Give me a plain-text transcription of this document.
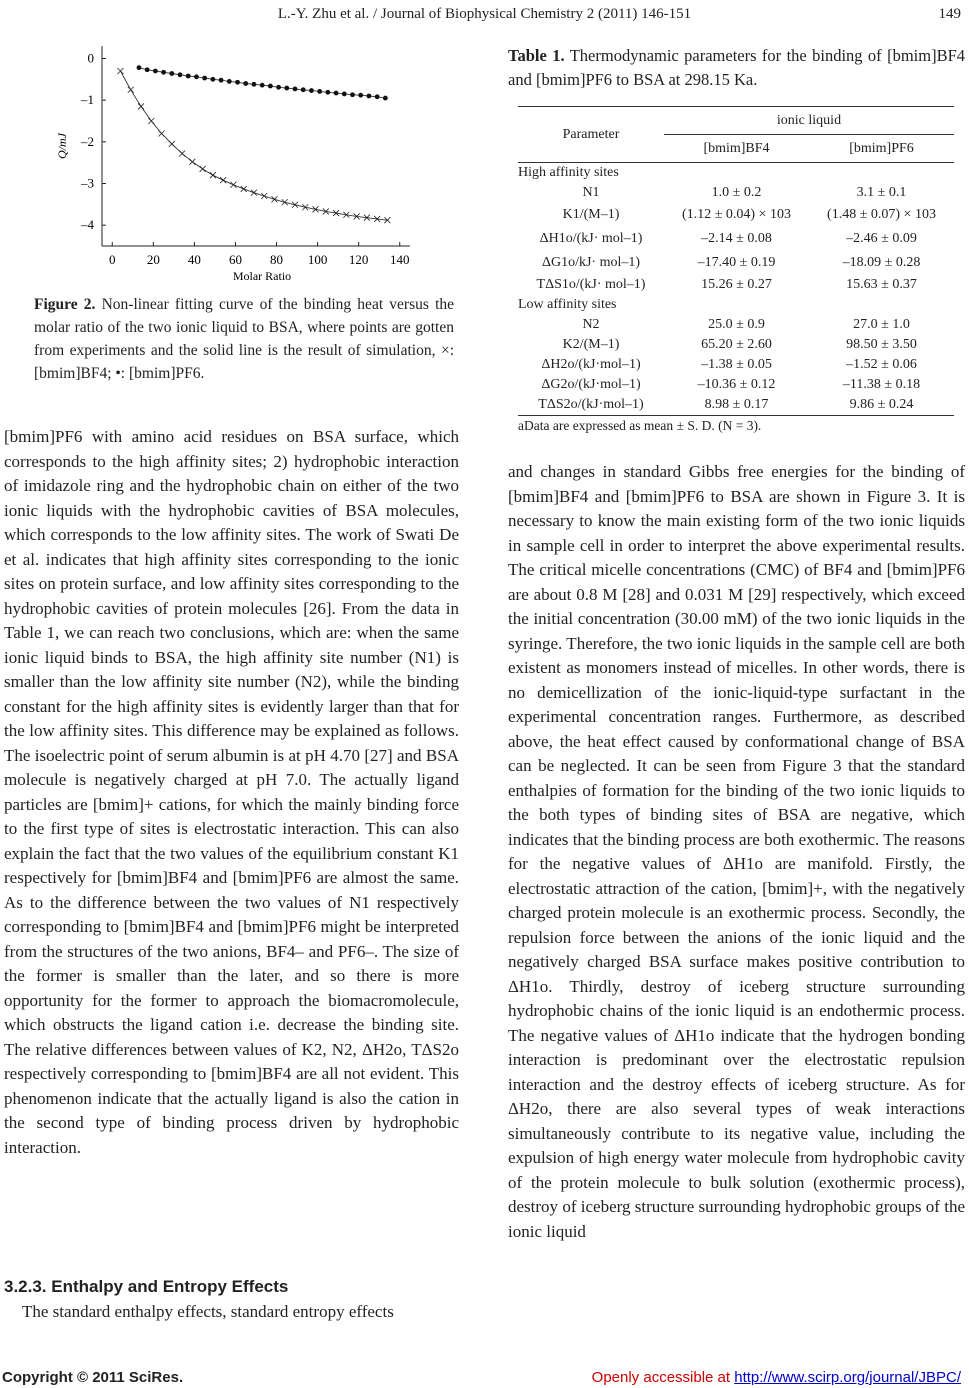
L.-Y. Zhu et al. / Journal of Biophysical Chemistry 2 (2011) 146-151	149
0 20 40 60 80 100 120 140
0
–1
–2
–3
–4
Molar Ratio
Q/mJ
Figure 2. Non-linear fitting curve of the binding heat versus the molar ratio of the two ionic liquid to BSA, where points are gotten from experiments and the solid line is the result of simulation, ×: [bmim]BF4; •: [bmim]PF6.

[bmim]PF6 with amino acid residues on BSA surface, which corresponds to the high affinity sites; 2) hydrophobic interaction of imidazole ring and the hydrophobic chain on either of the two ionic liquids with the hydrophobic cavities of BSA molecules, which corresponds to the low affinity sites. The work of Swati De et al. indicates that high affinity sites corresponding to the ionic sites on protein surface, and low affinity sites corresponding to the hydrophobic cavities of protein molecules [26]. From the data in Table 1, we can reach two conclusions, which are: when the same ionic liquid binds to BSA, the high affinity site number (N1) is smaller than the low affinity site number (N2), while the binding constant for the high affinity sites is evidently larger than that for the low affinity sites. This difference may be explained as follows. The isoelectric point of serum albumin is at pH 4.70 [27] and BSA molecule is negatively charged at pH 7.0. The actually ligand particles are [bmim]+ cations, for which the mainly binding force to the first type of sites is electrostatic interaction. This can also explain the fact that the two values of the equilibrium constant K1 respectively for [bmim]BF4 and [bmim]PF6 are almost the same. As to the difference between the two values of N1 respectively corresponding to [bmim]BF4 and [bmim]PF6 might be interpreted from the structures of the two anions, BF4– and PF6–. The size of the former is smaller than the later, and so there is more opportunity for the former to approach the biomacromolecule, which obstructs the ligand cation i.e. decrease the binding site. The relative differences between values of K2, N2, ΔH2o, TΔS2o respectively corresponding to [bmim]BF4 are all not evident. This phenomenon indicate that the actually ligand is also the cation in the second type of binding process driven by hydrophobic interaction.

3.2.3. Enthalpy and Entropy Effects
The standard enthalpy effects, standard entropy effects
Table 1. Thermodynamic parameters for the binding of [bmim]BF4 and [bmim]PF6 to BSA at 298.15 Ka.
Parameter	ionic liquid	
	[bmim]BF4	[bmim]PF6
High affinity sites		
N1	1.0 ± 0.2	3.1 ± 0.1
K1/(M–1)	(1.12 ± 0.04) × 103	(1.48 ± 0.07) × 103
ΔH1o/(kJ· mol–1)	–2.14 ± 0.08	–2.46 ± 0.09
ΔG1o/kJ· mol–1)	–17.40 ± 0.19	–18.09 ± 0.28
TΔS1o/(kJ· mol–1)	15.26 ± 0.27	15.63 ± 0.37
Low affinity sites		
N2	25.0 ± 0.9	27.0 ± 1.0
K2/(M–1)	65.20 ± 2.60	98.50 ± 3.50
ΔH2o/(kJ·mol–1)	–1.38 ± 0.05	–1.52 ± 0.06
ΔG2o/(kJ·mol–1)	–10.36 ± 0.12	–11.38 ± 0.18
TΔS2o/(kJ·mol–1)	8.98 ± 0.17	9.86 ± 0.24
aData are expressed as mean ± S. D. (N = 3).

and changes in standard Gibbs free energies for the binding of [bmim]BF4 and [bmim]PF6 to BSA are shown in Figure 3. It is necessary to know the main existing form of the two ionic liquids in sample cell in order to interpret the above experimental results. The critical micelle concentrations (CMC) of BF4 and [bmim]PF6 are about 0.8 M [28] and 0.031 M [29] respectively, which exceed the initial concentration (30.00 mM) of the two ionic liquids in the syringe. Therefore, the two ionic liquids in the sample cell are both existent as monomers instead of micelles. In other words, there is no demicellization of the ionic-liquid-type surfactant in the experimental concentration ranges. Furthermore, as described above, the heat effect caused by conformational change of BSA can be neglected. It can be seen from Figure 3 that the standard enthalpies of formation for the binding of the two ionic liquids to the both types of binding sites of BSA are negative, which indicates that the binding process are both exothermic. The reasons for the negative values of ΔH1o are manifold. Firstly, the electrostatic attraction of the cation, [bmim]+, with the negatively charged protein molecule is an exothermic process. Secondly, the repulsion force between the anions of the ionic liquid and the negatively charged BSA surface makes positive contribution to ΔH1o. Thirdly, destroy of iceberg structure surrounding hydrophobic chains of the ionic liquid is an endothermic process. The negative values of ΔH1o indicate that the hydrogen bonding interaction is predominant over the electrostatic repulsion interaction and the destroy effects of iceberg structure. As for ΔH2o, there are also several types of weak interactions simultaneously contribute to its negative value, including the expulsion of high energy water molecule from hydrophobic cavity of the protein molecule to bulk solution (exothermic process), destroy of iceberg structure surrounding hydrophobic groups of the ionic liquid

Copyright © 2011 SciRes.	Openly accessible at http://www.scirp.org/journal/JBPC/
